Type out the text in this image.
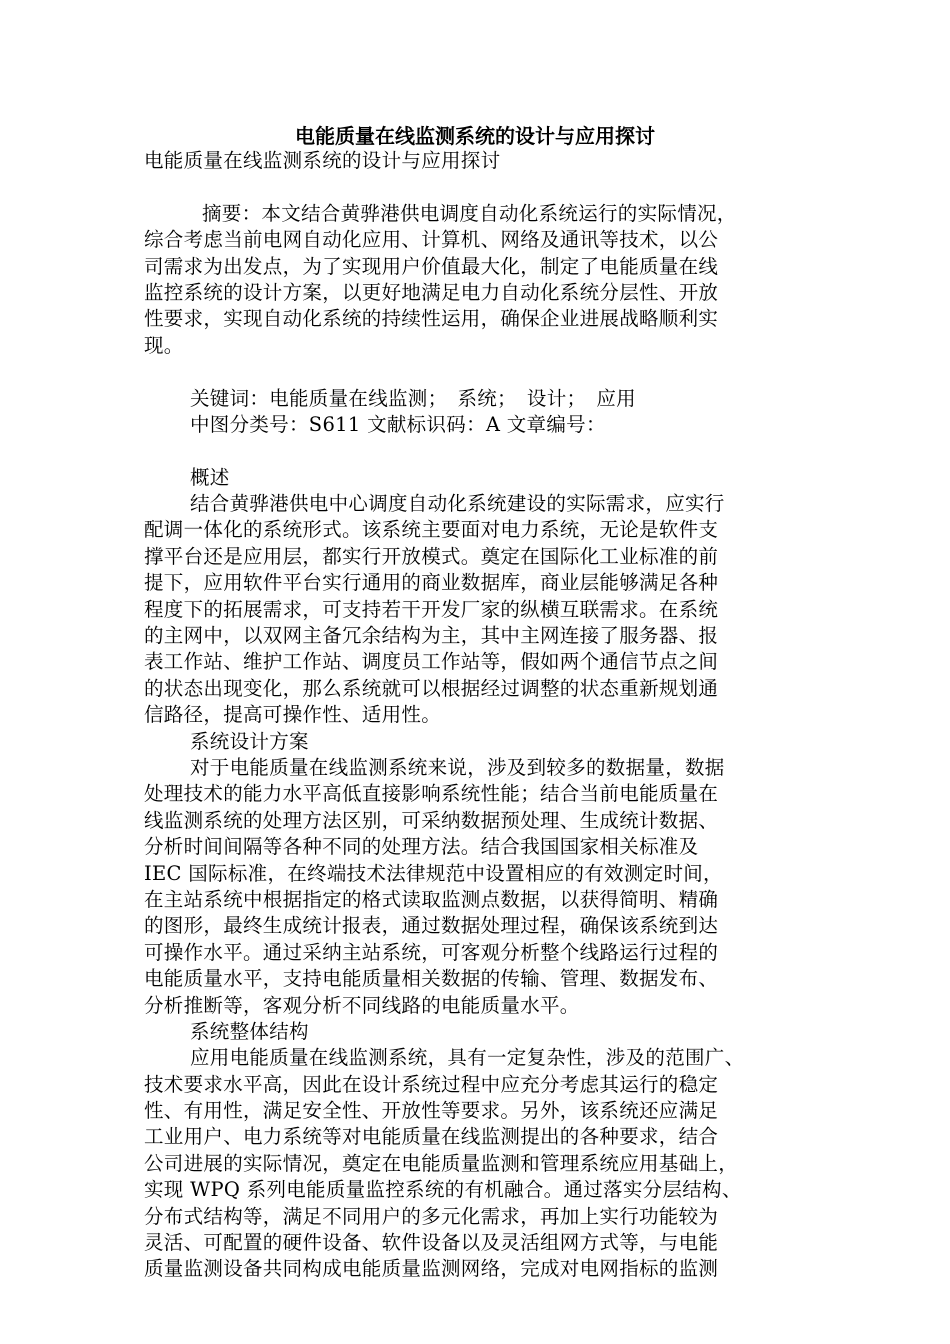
电能质量在线监测系统的设计与应用探讨
电能质量在线监测系统的设计与应用探讨
摘要：本文结合黄骅港供电调度自动化系统运行的实际情况，
综合考虑当前电网自动化应用、计算机、网络及通讯等技术，以公
司需求为出发点，为了实现用户价值最大化，制定了电能质量在线
监控系统的设计方案，以更好地满足电力自动化系统分层性、开放
性要求，实现自动化系统的持续性运用，确保企业进展战略顺利实
现。
关键词：电能质量在线监测；　系统；　设计；　应用
中图分类号：S611 文献标识码：A 文章编号：
概述
结合黄骅港供电中心调度自动化系统建设的实际需求，应实行
配调一体化的系统形式。该系统主要面对电力系统，无论是软件支
撑平台还是应用层，都实行开放模式。奠定在国际化工业标准的前
提下，应用软件平台实行通用的商业数据库，商业层能够满足各种
程度下的拓展需求，可支持若干开发厂家的纵横互联需求。在系统
的主网中，以双网主备冗余结构为主，其中主网连接了服务器、报
表工作站、维护工作站、调度员工作站等，假如两个通信节点之间
的状态出现变化，那么系统就可以根据经过调整的状态重新规划通
信路径，提高可操作性、适用性。
系统设计方案
对于电能质量在线监测系统来说，涉及到较多的数据量，数据
处理技术的能力水平高低直接影响系统性能；结合当前电能质量在
线监测系统的处理方法区别，可采纳数据预处理、生成统计数据、
分析时间间隔等各种不同的处理方法。结合我国国家相关标准及
IEC 国际标准，在终端技术法律规范中设置相应的有效测定时间，
在主站系统中根据指定的格式读取监测点数据，以获得简明、精确
的图形，最终生成统计报表，通过数据处理过程，确保该系统到达
可操作水平。通过采纳主站系统，可客观分析整个线路运行过程的
电能质量水平，支持电能质量相关数据的传输、管理、数据发布、
分析推断等，客观分析不同线路的电能质量水平。
系统整体结构
应用电能质量在线监测系统，具有一定复杂性，涉及的范围广、
技术要求水平高，因此在设计系统过程中应充分考虑其运行的稳定
性、有用性，满足安全性、开放性等要求。另外，该系统还应满足
工业用户、电力系统等对电能质量在线监测提出的各种要求，结合
公司进展的实际情况，奠定在电能质量监测和管理系统应用基础上，
实现 WPQ 系列电能质量监控系统的有机融合。通过落实分层结构、
分布式结构等，满足不同用户的多元化需求，再加上实行功能较为
灵活、可配置的硬件设备、软件设备以及灵活组网方式等，与电能
质量监测设备共同构成电能质量监测网络，完成对电网指标的监测
